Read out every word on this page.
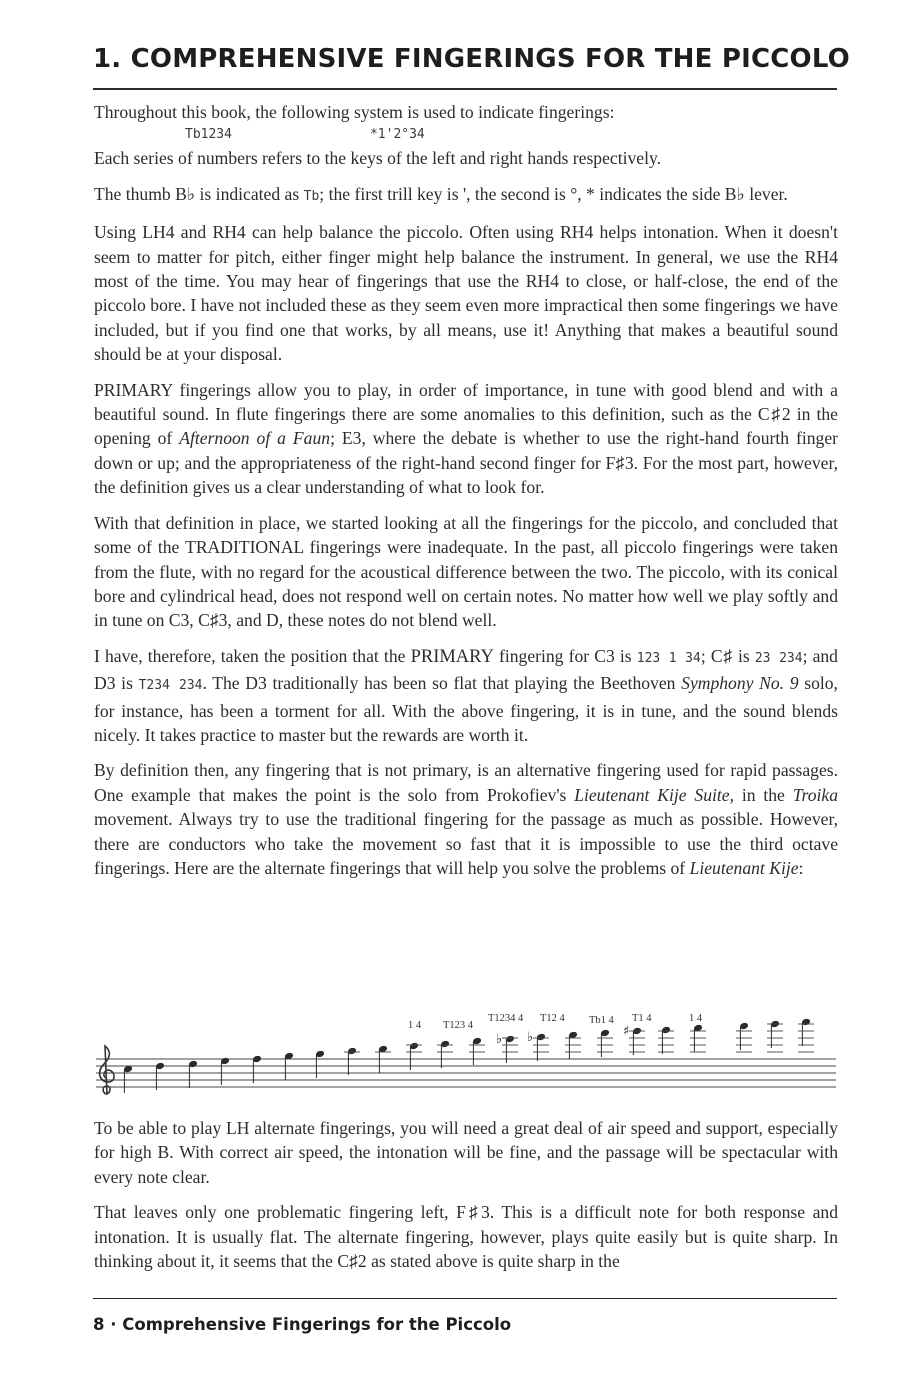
1. COMPREHENSIVE FINGERINGS FOR THE PICCOLO

Throughout this book, the following system is used to indicate fingerings:
Tb1234	*1'2°34
Each series of numbers refers to the keys of the left and right hands respectively.

The thumb B♭ is indicated as Tb; the first trill key is ', the second is °, * indicates the side B♭ lever.

Using LH4 and RH4 can help balance the piccolo. Often using RH4 helps intonation. When it doesn't seem to matter for pitch, either finger might help balance the instrument. In general, we use the RH4 most of the time. You may hear of fingerings that use the RH4 to close, or half-close, the end of the piccolo bore. I have not included these as they seem even more impractical then some fingerings we have included, but if you find one that works, by all means, use it! Anything that makes a beautiful sound should be at your disposal.

PRIMARY fingerings allow you to play, in order of importance, in tune with good blend and with a beautiful sound. In flute fingerings there are some anomalies to this definition, such as the C♯2 in the opening of Afternoon of a Faun; E3, where the debate is whether to use the right-hand fourth finger down or up; and the appropriateness of the right-hand second finger for F♯3. For the most part, however, the definition gives us a clear understanding of what to look for.

With that definition in place, we started looking at all the fingerings for the piccolo, and concluded that some of the TRADITIONAL fingerings were inadequate. In the past, all piccolo fingerings were taken from the flute, with no regard for the acoustical difference between the two. The piccolo, with its conical bore and cylindrical head, does not respond well on certain notes. No matter how well we play softly and in tune on C3, C♯3, and D, these notes do not blend well.

I have, therefore, taken the position that the PRIMARY fingering for C3 is 123 1 34; C♯ is 23 234; and D3 is T234 234. The D3 traditionally has been so flat that playing the Beethoven Symphony No. 9 solo, for instance, has been a torment for all. With the above fingering, it is in tune, and the sound blends nicely. It takes practice to master but the rewards are worth it.

By definition then, any fingering that is not primary, is an alternative fingering used for rapid passages. One example that makes the point is the solo from Prokofiev's Lieutenant Kije Suite, in the Troika movement. Always try to use the traditional fingering for the passage as much as possible. However, there are conductors who take the movement so fast that it is impossible to use the third octave fingerings. Here are the alternate fingerings that will help you solve the problems of Lieutenant Kije:

♭ ♭	♯
1 4 T123 4
T1234 4 T12 4 Tb1 4 T1 4	1 4

To be able to play LH alternate fingerings, you will need a great deal of air speed and support, especially for high B. With correct air speed, the intonation will be fine, and the passage will be spectacular with every note clear.

That leaves only one problematic fingering left, F♯3. This is a difficult note for both response and intonation. It is usually flat. The alternate fingering, however, plays quite easily but is quite sharp. In thinking about it, it seems that the C♯2 as stated above is quite sharp in the

8 · Comprehensive Fingerings for the Piccolo
